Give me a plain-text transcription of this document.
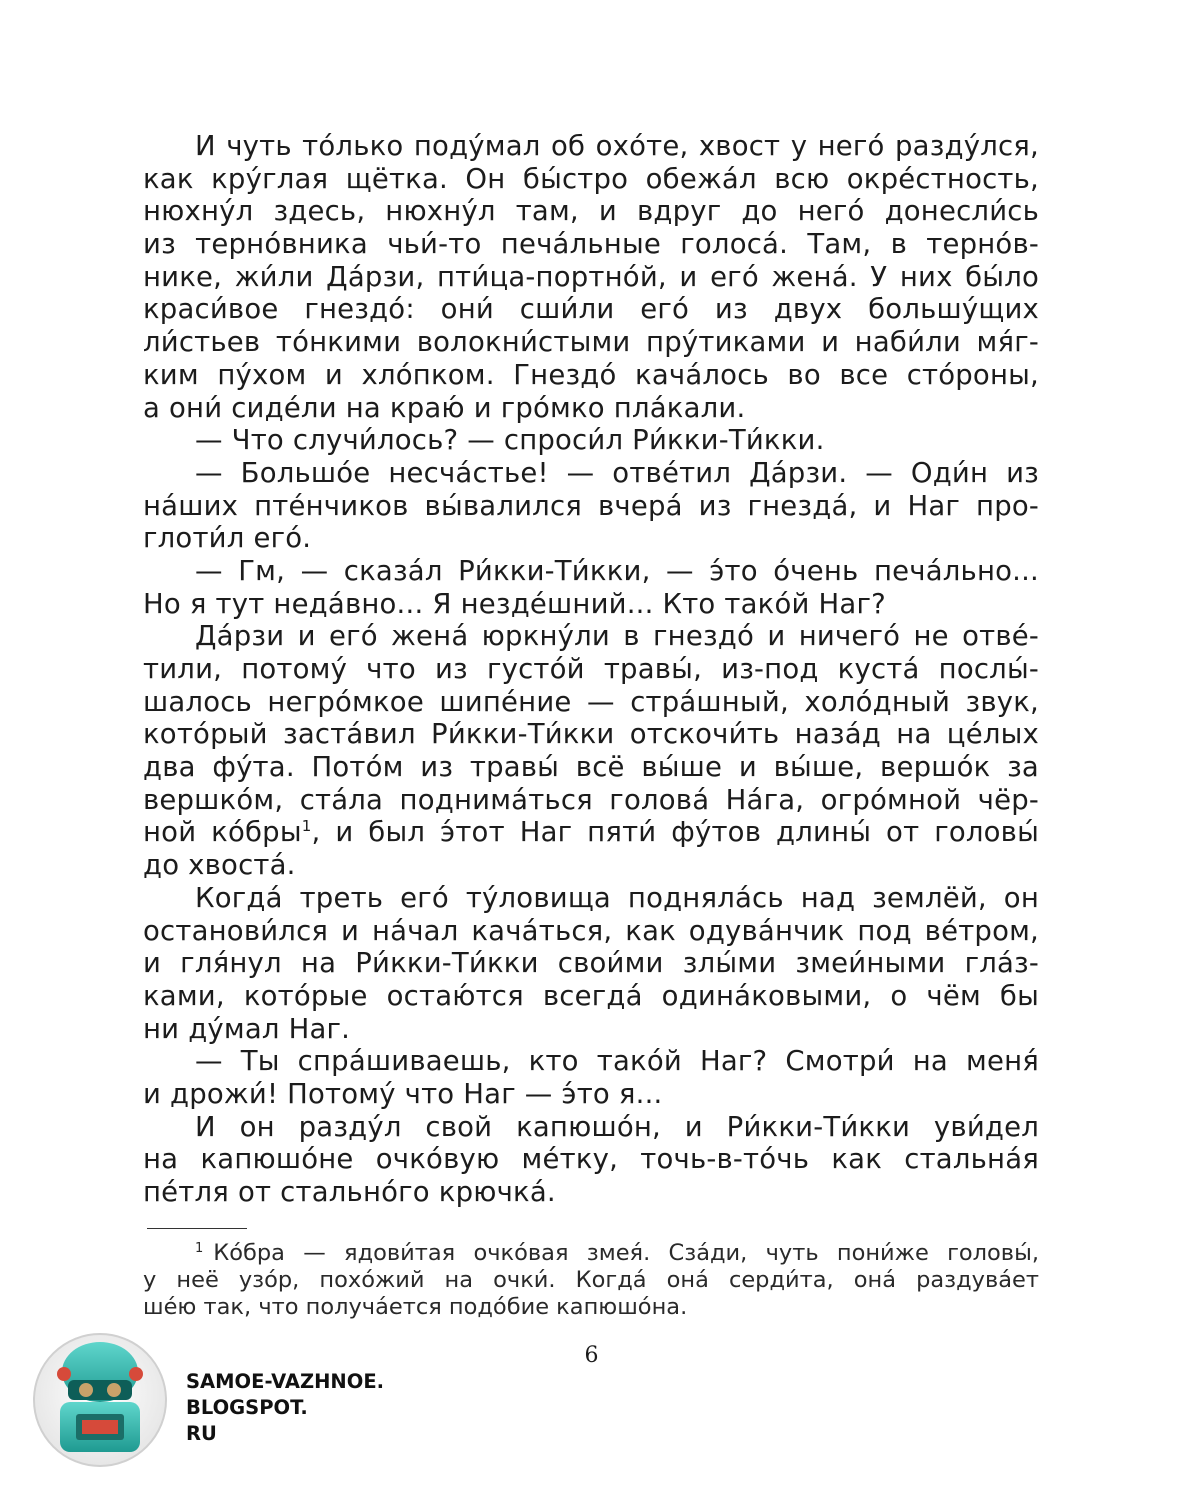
И чуть то́лько поду́мал об охо́те, хвост у него́ разду́лся,
как кру́глая щётка. Он бы́стро обежа́л всю окре́стность,
нюхну́л здесь, нюхну́л там, и вдруг до него́ донесли́сь
из терно́вника чьи́-то печа́льные голоса́. Там, в терно́в-
нике, жи́ли Да́рзи, пти́ца-портно́й, и его́ жена́. У них бы́ло
краси́вое гнездо́: они́ сши́ли его́ из двух большу́щих
ли́стьев то́нкими волокни́стыми пру́тиками и наби́ли мя́г-
ким пу́хом и хло́пком. Гнездо́ кача́лось во все сто́роны,
а они́ сиде́ли на краю́ и гро́мко пла́кали.
— Что случи́лось? — спроси́л Ри́кки-Ти́кки.
— Большо́е несча́стье! — отве́тил Да́рзи. — Оди́н из
на́ших пте́нчиков вы́валился вчера́ из гнезда́, и Наг про-
глоти́л его́.
— Гм, — сказа́л Ри́кки-Ти́кки, — э́то о́чень печа́льно...
Но я тут неда́вно... Я незде́шний... Кто тако́й Наг?
Да́рзи и его́ жена́ юркну́ли в гнездо́ и ничего́ не отве́-
тили, потому́ что из густо́й травы́, из-под куста́ послы́-
шалось негро́мкое шипе́ние — стра́шный, холо́дный звук,
кото́рый заста́вил Ри́кки-Ти́кки отскочи́ть наза́д на це́лых
два фу́та. Пото́м из травы́ всё вы́ше и вы́ше, вершо́к за
вершко́м, ста́ла поднима́ться голова́ На́га, огро́мной чёр-
ной ко́бры$^1$, и был э́тот Наг пяти́ фу́тов длины́ от головы́
до хвоста́.
Когда́ треть его́ ту́ловища подняла́сь над землёй, он
останови́лся и на́чал кача́ться, как одува́нчик под ве́тром,
и гля́нул на Ри́кки-Ти́кки свои́ми злы́ми змеи́ными гла́з-
ками, кото́рые остаю́тся всегда́ одина́ковыми, о чём бы
ни ду́мал Наг.
— Ты спра́шиваешь, кто тако́й Наг? Смотри́ на меня́
и дрожи́! Потому́ что Наг — э́то я...
И он разду́л свой капюшо́н, и Ри́кки-Ти́кки уви́дел
на капюшо́не очко́вую ме́тку, точь-в-то́чь как стальна́я
пе́тля от стально́го крючка́.
$^1$ Ко́бра — ядови́тая очко́вая змея́. Сза́ди, чуть пони́же головы́,
у неё узо́р, похо́жий на очки́. Когда́ она́ серди́та, она́ раздува́ет
ше́ю так, что получа́ется подо́бие капюшо́на.
6
SAMOE-VAZHNOE.
BLOGSPOT.
RU
